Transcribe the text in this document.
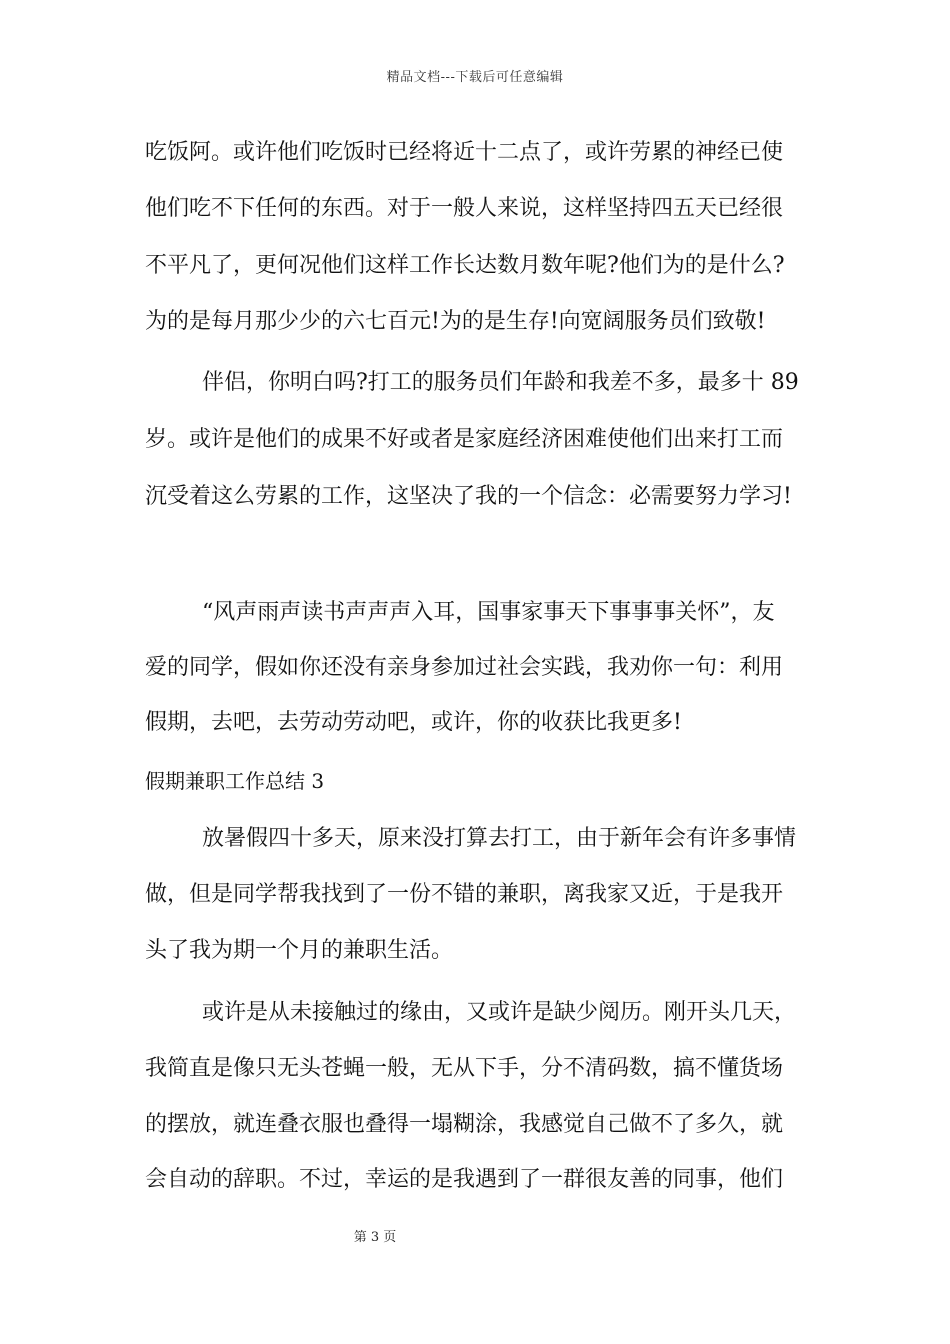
精品文档---下载后可任意编辑
吃饭阿。或许他们吃饭时已经将近十二点了，或许劳累的神经已使
他们吃不下任何的东西。对于一般人来说，这样坚持四五天已经很
不平凡了，更何况他们这样工作长达数月数年呢?他们为的是什么?
为的是每月那少少的六七百元!为的是生存!向宽阔服务员们致敬!
伴侣，你明白吗?打工的服务员们年龄和我差不多，最多十 89
岁。或许是他们的成果不好或者是家庭经济困难使他们出来打工而
沉受着这么劳累的工作，这坚决了我的一个信念：必需要努力学习!
“风声雨声读书声声声入耳，国事家事天下事事事关怀”，友
爱的同学，假如你还没有亲身参加过社会实践，我劝你一句：利用
假期，去吧，去劳动劳动吧，或许，你的收获比我更多!
假期兼职工作总结 3
放暑假四十多天，原来没打算去打工，由于新年会有许多事情
做，但是同学帮我找到了一份不错的兼职，离我家又近，于是我开
头了我为期一个月的兼职生活。
或许是从未接触过的缘由，又或许是缺少阅历。刚开头几天，
我简直是像只无头苍蝇一般，无从下手，分不清码数，搞不懂货场
的摆放，就连叠衣服也叠得一塌糊涂，我感觉自己做不了多久，就
会自动的辞职。不过，幸运的是我遇到了一群很友善的同事，他们
第 3 页
